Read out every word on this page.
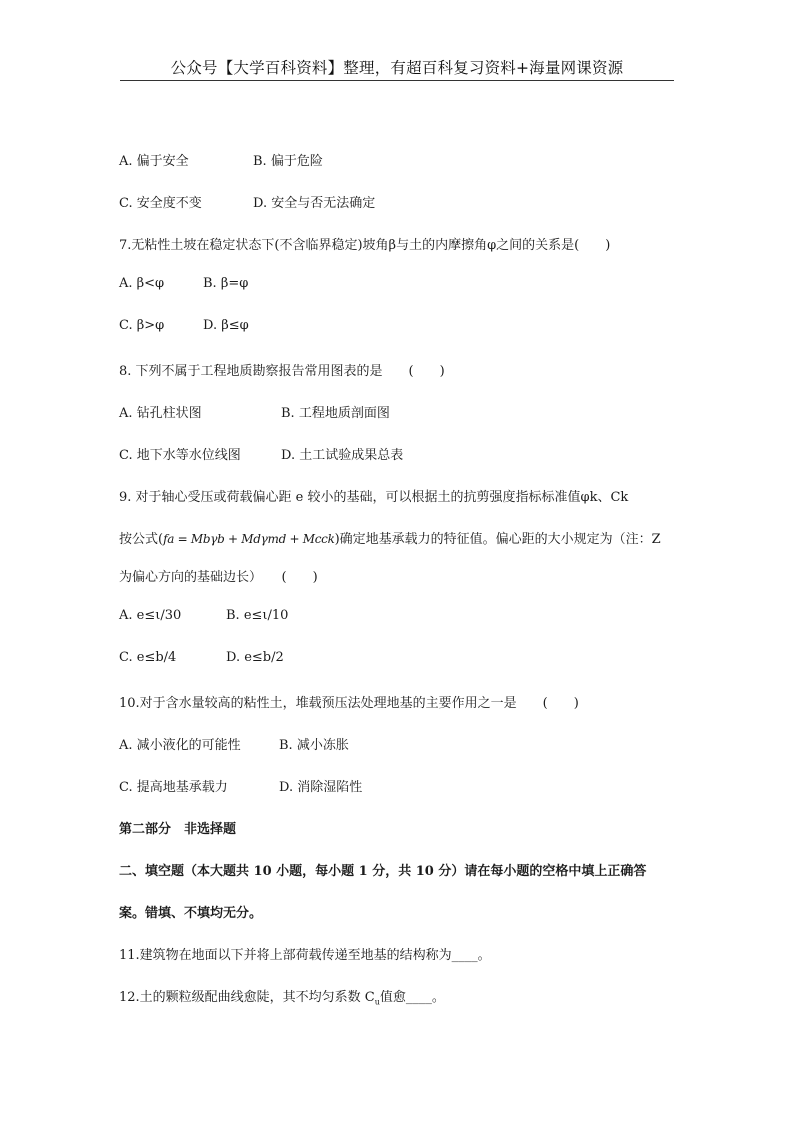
公众号【大学百科资料】整理，有超百科复习资料+海量网课资源
A. 偏于安全	B. 偏于危险
C. 安全度不变	D. 安全与否无法确定
7.无粘性土坡在稳定状态下(不含临界稳定)坡角β与土的内摩擦角φ之间的关系是(　　)
A. β<φ	B. β=φ
C. β>φ	D. β≤φ
8. 下列不属于工程地质勘察报告常用图表的是　　(　　)
A. 钻孔柱状图	B. 工程地质剖面图
C. 地下水等水位线图	D. 土工试验成果总表
9. 对于轴心受压或荷载偏心距 e 较小的基础，可以根据土的抗剪强度指标标准值φk、Ck
按公式(fa = Mbγb + Mdγmd + Mcck)确定地基承载力的特征值。偏心距的大小规定为（注：Z
为偏心方向的基础边长）　　(　　)
A. e≤ι/30	B. e≤ι/10
C. e≤b/4	D. e≤b/2
10.对于含水量较高的粘性土，堆载预压法处理地基的主要作用之一是　　(　　)
A. 减小液化的可能性	B. 减小冻胀
C. 提高地基承载力	D. 消除湿陷性
第二部分　非选择题
二、填空题（本大题共 10 小题，每小题 1 分，共 10 分）请在每小题的空格中填上正确答
案。错填、不填均无分。
11.建筑物在地面以下并将上部荷载传递至地基的结构称为____。
12.土的颗粒级配曲线愈陡，其不均匀系数 $C_u$值愈____。
